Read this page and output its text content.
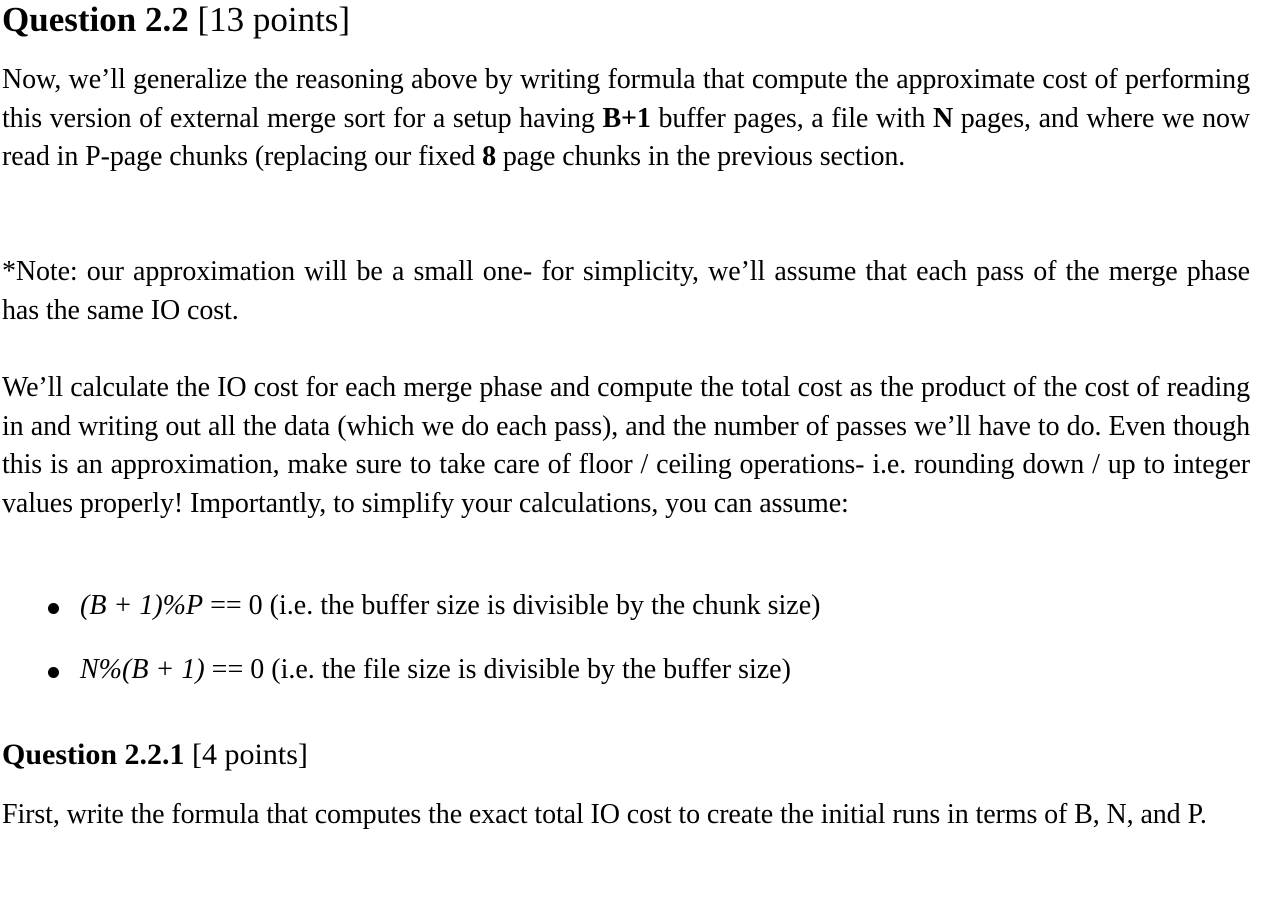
Question 2.2 [13 points]

Now, we’ll generalize the reasoning above by writing formula that compute the approximate cost of performing this version of external merge sort for a setup having B+1 buffer pages, a file with N pages, and where we now read in P-page chunks (replacing our fixed 8 page chunks in the previous section.

*Note: our approximation will be a small one- for simplicity, we’ll assume that each pass of the merge phase has the same IO cost.

We’ll calculate the IO cost for each merge phase and compute the total cost as the product of the cost of reading in and writing out all the data (which we do each pass), and the number of passes we’ll have to do. Even though this is an approximation, make sure to take care of floor / ceiling operations- i.e. rounding down / up to integer values properly! Importantly, to simplify your calculations, you can assume:

(B + 1)%P == 0 (i.e. the buffer size is divisible by the chunk size)
N%(B + 1) == 0 (i.e. the file size is divisible by the buffer size)
Question 2.2.1 [4 points]

First, write the formula that computes the exact total IO cost to create the initial runs in terms of B, N, and P.
